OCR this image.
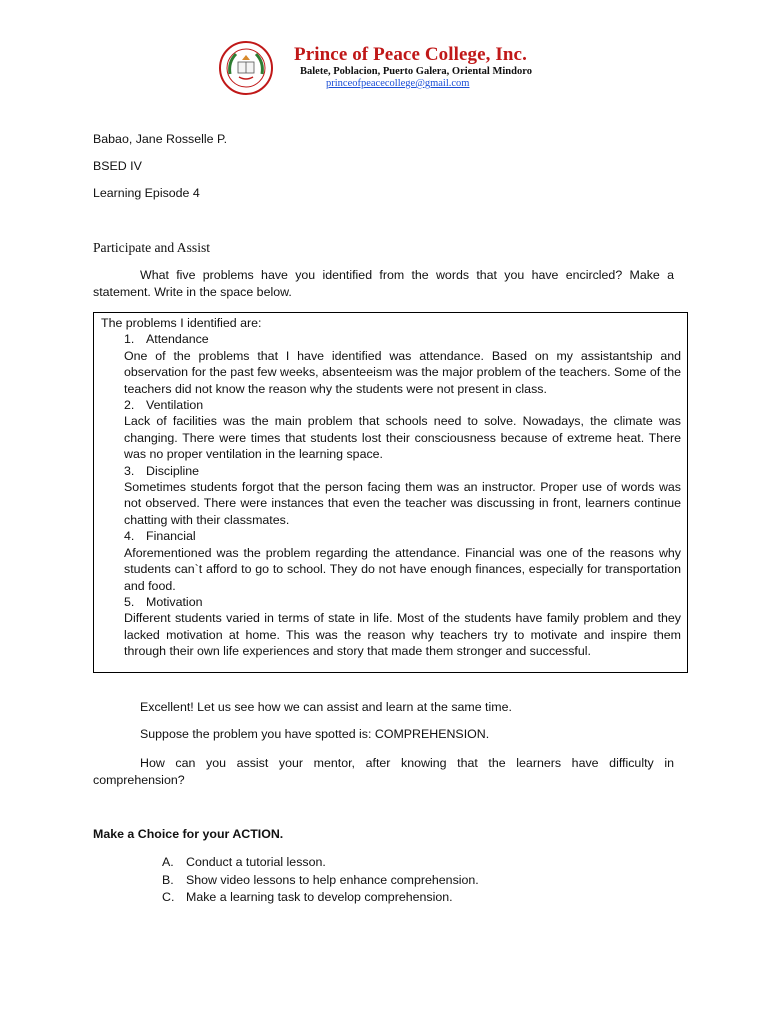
Prince of Peace College, Inc.
Balete, Poblacion, Puerto Galera, Oriental Mindoro
princeofpeacecollege@gmail.com
Babao, Jane Rosselle P.
BSED IV
Learning Episode 4
Participate and Assist
What five problems have you identified from the words that you have encircled? Make a statement. Write in the space below.
The problems I identified are:
1. Attendance
One of the problems that I have identified was attendance. Based on my assistantship and observation for the past few weeks, absenteeism was the major problem of the teachers. Some of the teachers did not know the reason why the students were not present in class.
2. Ventilation
Lack of facilities was the main problem that schools need to solve. Nowadays, the climate was changing. There were times that students lost their consciousness because of extreme heat. There was no proper ventilation in the learning space.
3. Discipline
Sometimes students forgot that the person facing them was an instructor. Proper use of words was not observed. There were instances that even the teacher was discussing in front, learners continue chatting with their classmates.
4. Financial
Aforementioned was the problem regarding the attendance. Financial was one of the reasons why students can`t afford to go to school. They do not have enough finances, especially for transportation and food.
5. Motivation
Different students varied in terms of state in life. Most of the students have family problem and they lacked motivation at home. This was the reason why teachers try to motivate and inspire them through their own life experiences and story that made them stronger and successful.
Excellent! Let us see how we can assist and learn at the same time.
Suppose the problem you have spotted is: COMPREHENSION.
How can you assist your mentor, after knowing that the learners have difficulty in comprehension?
Make a Choice for your ACTION.
A. Conduct a tutorial lesson.
B. Show video lessons to help enhance comprehension.
C. Make a learning task to develop comprehension.
